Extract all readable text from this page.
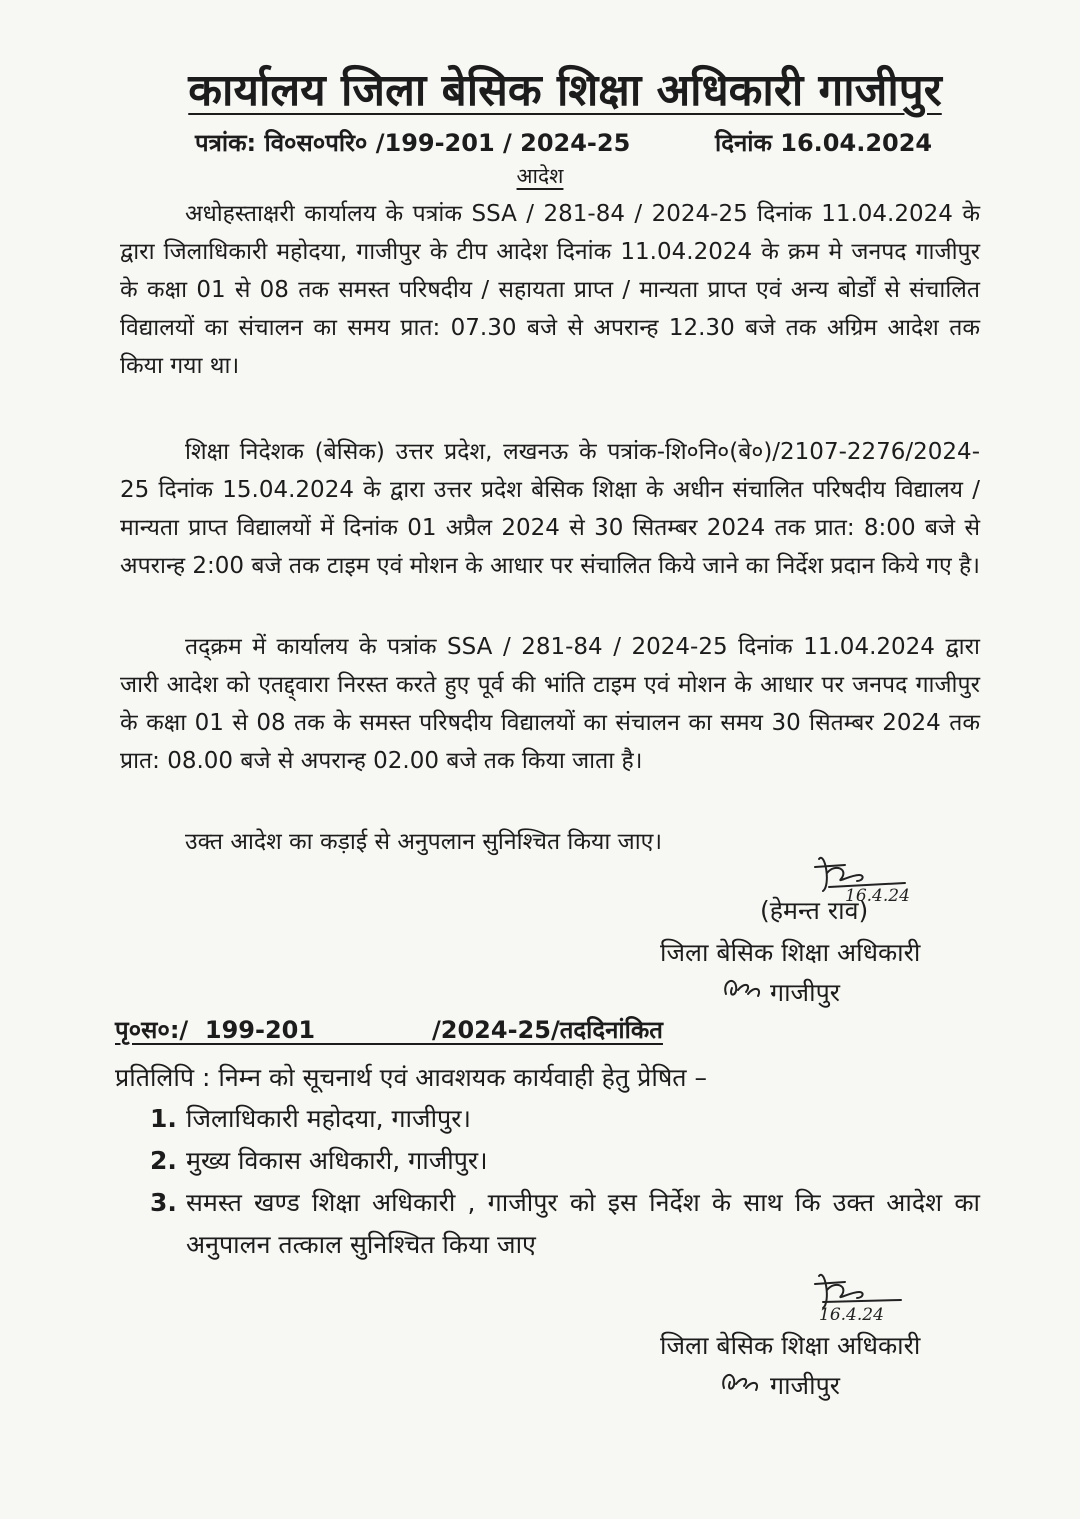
कार्यालय जिला बेसिक शिक्षा अधिकारी गाजीपुर
पत्रांक: वि०स०परि० /199-201 / 2024-25	दिनांक 16.04.2024
आदेश

अधोहस्ताक्षरी कार्यालय के पत्रांक SSA / 281-84 / 2024-25 दिनांक 11.04.2024 के द्वारा जिलाधिकारी महोदया, गाजीपुर के टीप आदेश दिनांक 11.04.2024 के क्रम मे जनपद गाजीपुर के कक्षा 01 से 08 तक समस्त परिषदीय / सहायता प्राप्त / मान्यता प्राप्त एवं अन्य बोर्डों से संचालित विद्यालयों का संचालन का समय प्रात: 07.30 बजे से अपरान्ह 12.30 बजे तक अग्रिम आदेश तक किया गया था।

शिक्षा निदेशक (बेसिक) उत्तर प्रदेश, लखनऊ के पत्रांक-शि०नि०(बे०)/2107-2276/2024-25 दिनांक 15.04.2024 के द्वारा उत्तर प्रदेश बेसिक शिक्षा के अधीन संचालित परिषदीय विद्यालय /मान्यता प्राप्त विद्यालयों में दिनांक 01 अप्रैल 2024 से 30 सितम्बर 2024 तक प्रात: 8:00 बजे से अपरान्ह 2:00 बजे तक टाइम एवं मोशन के आधार पर संचालित किये जाने का निर्देश प्रदान किये गए है।

तद्क्रम में कार्यालय के पत्रांक SSA / 281-84 / 2024-25 दिनांक 11.04.2024 द्वारा जारी आदेश को एतद्द्वारा निरस्त करते हुए पूर्व की भांति टाइम एवं मोशन के आधार पर जनपद गाजीपुर के कक्षा 01 से 08 तक के समस्त परिषदीय विद्यालयों का संचालन का समय 30 सितम्बर 2024 तक प्रात: 08.00 बजे से अपरान्ह 02.00 बजे तक किया जाता है।

उक्त आदेश का कड़ाई से अनुपलान सुनिश्चित किया जाए।

16.4.24
(हेमन्त राव)
जिला बेसिक शिक्षा अधिकारी
गाजीपुर
पृ०स०:/  199-201              /2024-25/तददिनांकित
प्रतिलिपि : निम्न को सूचनार्थ एवं आवशयक कार्यवाही हेतु प्रेषित –
1. जिलाधिकारी महोदया, गाजीपुर।
2. मुख्य विकास अधिकारी, गाजीपुर।
3. समस्त खण्ड शिक्षा अधिकारी , गाजीपुर को इस निर्देश के साथ कि उक्त आदेश का अनुपालन तत्काल सुनिश्चित किया जाए
16.4.24
जिला बेसिक शिक्षा अधिकारी
गाजीपुर
